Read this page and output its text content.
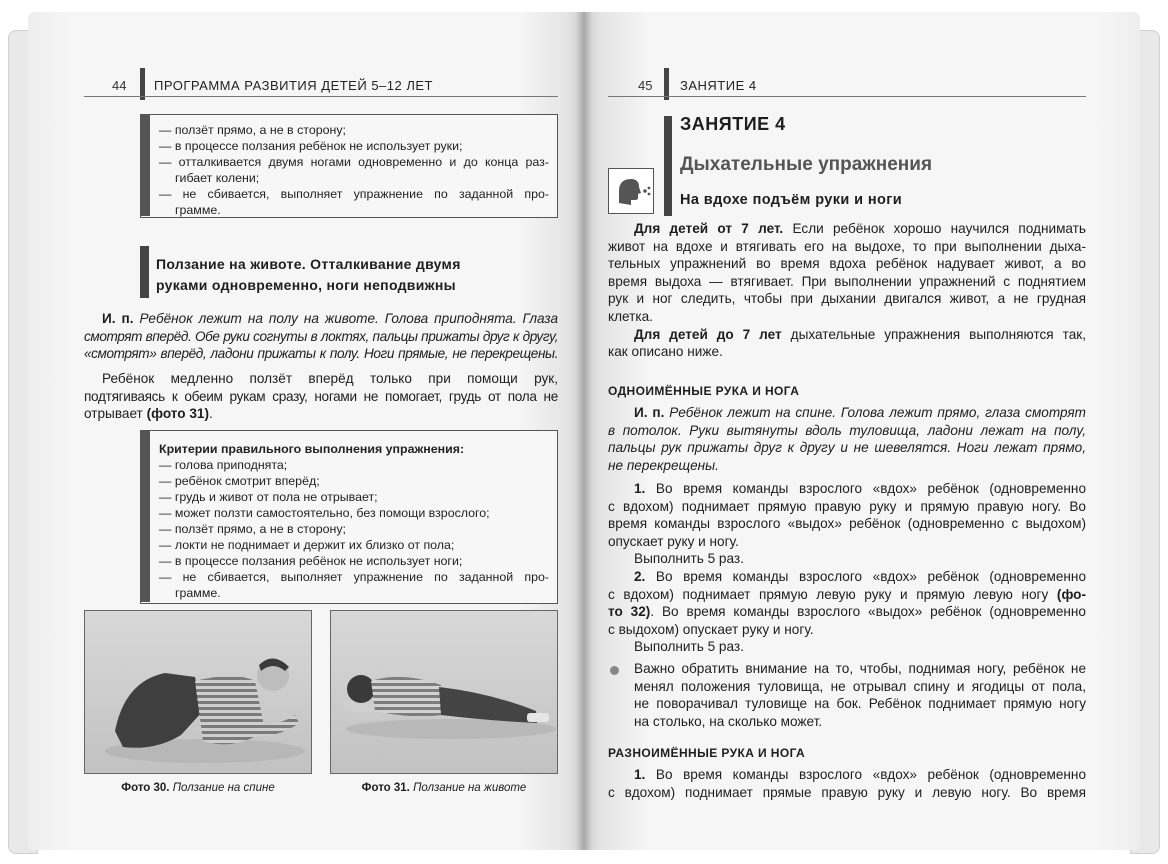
44 ПРОГРАММА РАЗВИТИЯ ДЕТЕЙ 5–12 ЛЕТ
— ползёт прямо, а не в сторону;
— в процессе ползания ребёнок не использует руки;
— отталкивается двумя ногами одновременно и до конца раз-
гибает колени;
— не сбивается, выполняет упражнение по заданной про-
грамме.
Ползание на животе. Отталкивание двумя
руками одновременно, ноги неподвижны
И. п. Ребёнок лежит на полу на животе. Голова приподнята. Глаза
смотрят вперёд. Обе руки согнуты в локтях, пальцы прижаты друг к другу,
«смотрят» вперёд, ладони прижаты к полу. Ноги прямые, не перекрещены.
Ребёнок медленно ползёт вперёд только при помощи рук,
подтягиваясь к обеим рукам сразу, ногами не помогает, грудь от пола не
отрывает (фото 31).
Критерии правильного выполнения упражнения:
— голова приподнята;
— ребёнок смотрит вперёд;
— грудь и живот от пола не отрывает;
— может ползти самостоятельно, без помощи взрослого;
— ползёт прямо, а не в сторону;
— локти не поднимает и держит их близко от пола;
— в процессе ползания ребёнок не использует ноги;
— не сбивается, выполняет упражнение по заданной про-
грамме.
Фото 30. Ползание на спине	Фото 31. Ползание на животе
45 ЗАНЯТИЕ 4
ЗАНЯТИЕ 4
Дыхательные упражнения
На вдохе подъём руки и ноги
Для детей от 7 лет. Если ребёнок хорошо научился поднимать
живот на вдохе и втягивать его на выдохе, то при выполнении дыха-
тельных упражнений во время вдоха ребёнок надувает живот, а во
время выдоха — втягивает. При выполнении упражнений с поднятием
рук и ног следить, чтобы при дыхании двигался живот, а не грудная
клетка.
Для детей до 7 лет дыхательные упражнения выполняются так,
как описано ниже.
ОДНОИМЁННЫЕ РУКА И НОГА
И. п. Ребёнок лежит на спине. Голова лежит прямо, глаза смотрят
в потолок. Руки вытянуты вдоль туловища, ладони лежат на полу,
пальцы рук прижаты друг к другу и не шевелятся. Ноги лежат прямо,
не перекрещены.
1. Во время команды взрослого «вдох» ребёнок (одновременно
с вдохом) поднимает прямую правую руку и прямую правую ногу. Во
время команды взрослого «выдох» ребёнок (одновременно с выдохом)
опускает руку и ногу.
Выполнить 5 раз.
2. Во время команды взрослого «вдох» ребёнок (одновременно
с вдохом) поднимает прямую левую руку и прямую левую ногу (фо-
то 32). Во время команды взрослого «выдох» ребёнок (одновременно
с выдохом) опускает руку и ногу.
Выполнить 5 раз.
Важно обратить внимание на то, чтобы, поднимая ногу, ребёнок не
менял положения туловища, не отрывал спину и ягодицы от пола,
не поворачивал туловище на бок. Ребёнок поднимает прямую ногу
на столько, на сколько может.
РАЗНОИМЁННЫЕ РУКА И НОГА
1. Во время команды взрослого «вдох» ребёнок (одновременно
с вдохом) поднимает прямые правую руку и левую ногу. Во время
